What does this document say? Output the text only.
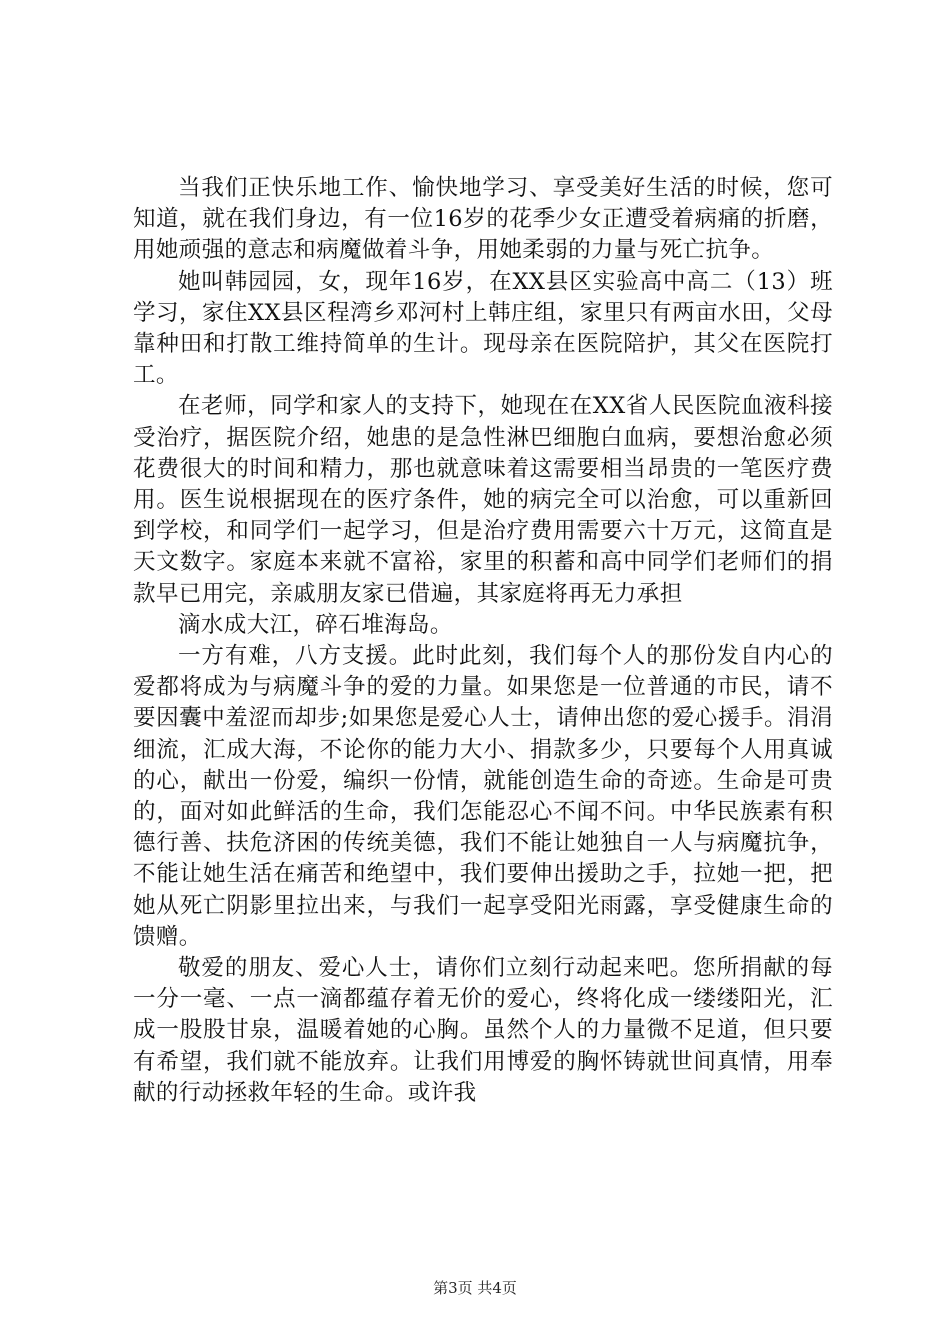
当我们正快乐地工作、愉快地学习、享受美好生活的时候，您可知道，就在我们身边，有一位16岁的花季少女正遭受着病痛的折磨，用她顽强的意志和病魔做着斗争，用她柔弱的力量与死亡抗争。

她叫韩园园，女，现年16岁，在XX县区实验高中高二（13）班学习，家住XX县区程湾乡邓河村上韩庄组，家里只有两亩水田，父母靠种田和打散工维持简单的生计。现母亲在医院陪护，其父在医院打工。

在老师，同学和家人的支持下，她现在在XX省人民医院血液科接受治疗，据医院介绍，她患的是急性淋巴细胞白血病，要想治愈必须花费很大的时间和精力，那也就意味着这需要相当昂贵的一笔医疗费用。医生说根据现在的医疗条件，她的病完全可以治愈，可以重新回到学校，和同学们一起学习，但是治疗费用需要六十万元，这简直是天文数字。家庭本来就不富裕，家里的积蓄和高中同学们老师们的捐款早已用完，亲戚朋友家已借遍，其家庭将再无力承担

滴水成大江，碎石堆海岛。

一方有难，八方支援。此时此刻，我们每个人的那份发自内心的爱都将成为与病魔斗争的爱的力量。如果您是一位普通的市民，请不要因囊中羞涩而却步;如果您是爱心人士，请伸出您的爱心援手。涓涓细流，汇成大海，不论你的能力大小、捐款多少，只要每个人用真诚的心，献出一份爱，编织一份情，就能创造生命的奇迹。生命是可贵的，面对如此鲜活的生命，我们怎能忍心不闻不问。中华民族素有积德行善、扶危济困的传统美德，我们不能让她独自一人与病魔抗争，不能让她生活在痛苦和绝望中，我们要伸出援助之手，拉她一把，把她从死亡阴影里拉出来，与我们一起享受阳光雨露，享受健康生命的馈赠。

敬爱的朋友、爱心人士，请你们立刻行动起来吧。您所捐献的每一分一毫、一点一滴都蕴存着无价的爱心，终将化成一缕缕阳光，汇成一股股甘泉，温暖着她的心胸。虽然个人的力量微不足道，但只要有希望，我们就不能放弃。让我们用博爱的胸怀铸就世间真情，用奉献的行动拯救年轻的生命。或许我

第3页 共4页
